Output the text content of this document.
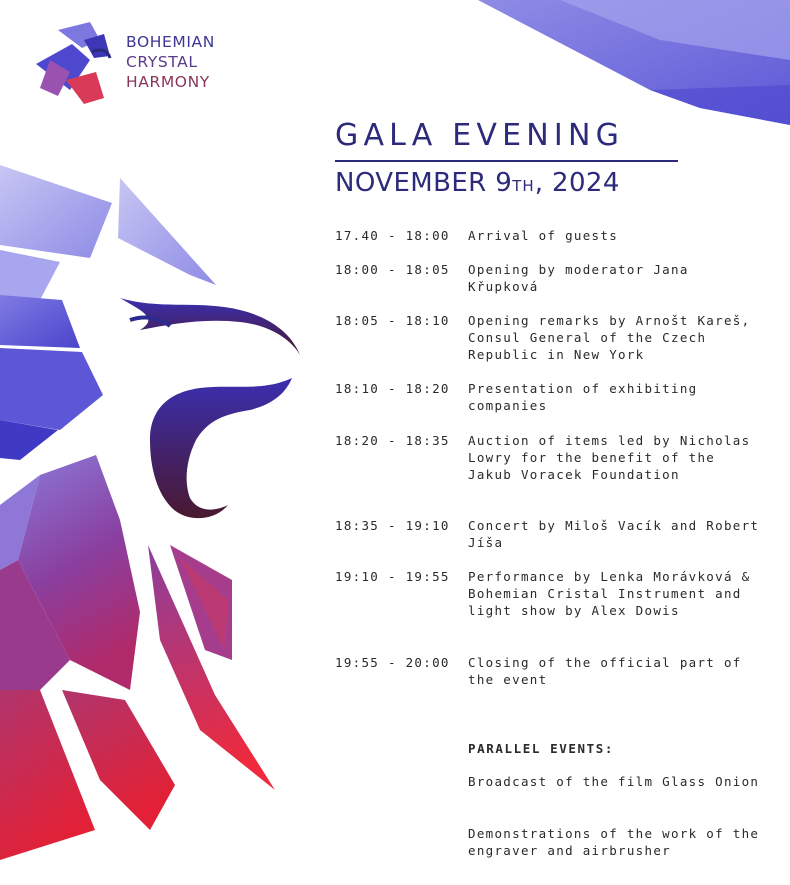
BOHEMIAN
CRYSTAL
HARMONY
GALA EVENING
NOVEMBER 9TH, 2024
17.40 - 18:00	Arrival of guests
18:00 - 18:05	Opening by moderator Jana Křupková
18:05 - 18:10	Opening remarks by Arnošt Kareš, Consul General of the Czech Republic in New York
18:10 - 18:20	Presentation of exhibiting companies
18:20 - 18:35	Auction of items led by Nicholas Lowry for the benefit of the Jakub Voracek Foundation
18:35 - 19:10	Concert by Miloš Vacík and Robert Jíša
19:10 - 19:55	Performance by Lenka Morávková & Bohemian Cristal Instrument and light show by Alex Dowis
19:55 - 20:00	Closing of the official part of the event
PARALLEL EVENTS:
Broadcast of the film Glass Onion
Demonstrations of the work of the engraver and airbrusher
